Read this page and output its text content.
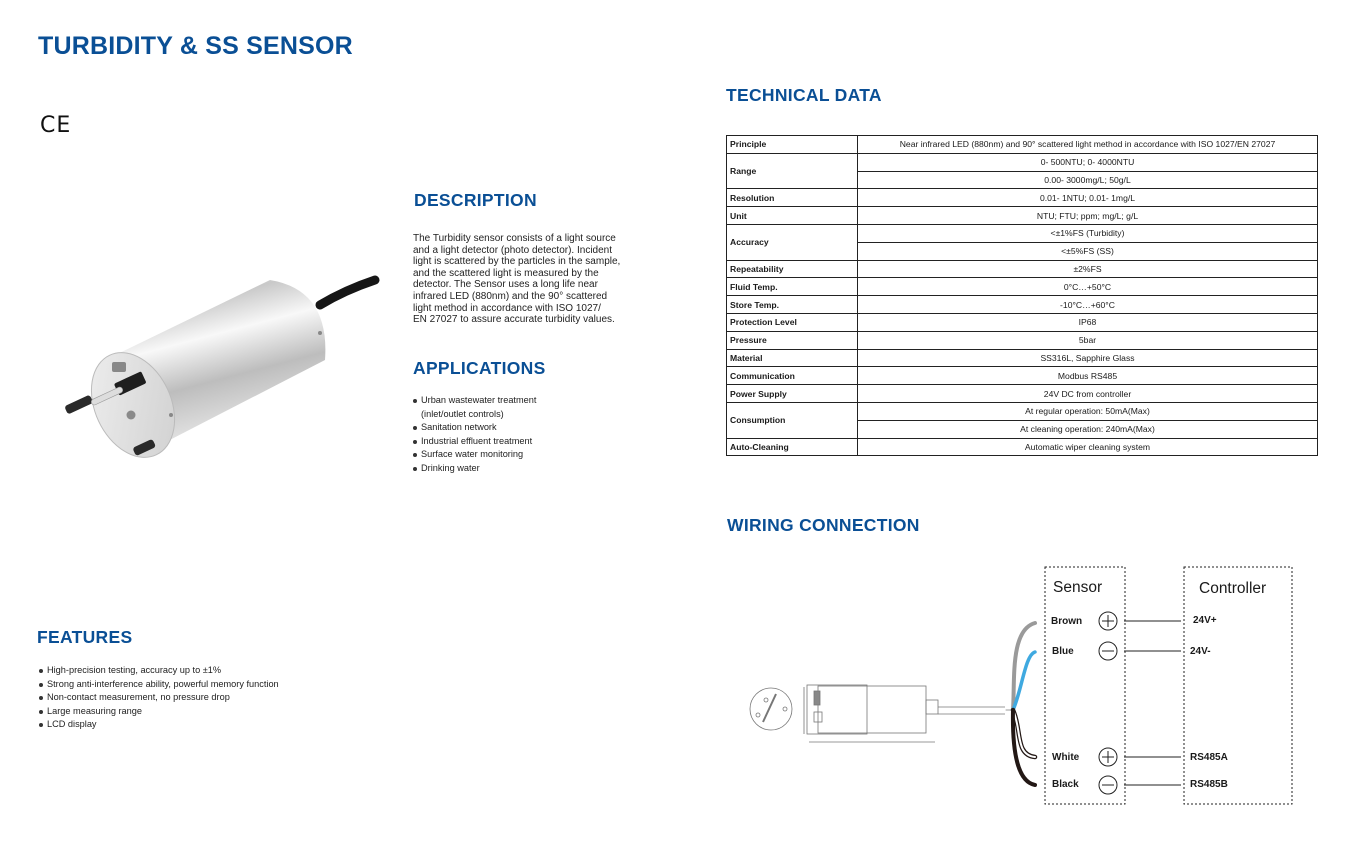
TURBIDITY & SS SENSOR
CE
DESCRIPTION
The Turbidity sensor consists of a light source
and a light detector (photo detector). Incident
light is scattered by the particles in the sample,
and the scattered light is measured by the
detector. The Sensor uses a long life near
infrared LED (880nm) and the 90° scattered
light method in accordance with ISO 1027/
EN 27027 to assure accurate turbidity values.
APPLICATIONS
Urban wastewater treatment
(inlet/outlet controls)
Sanitation network
Industrial effluent treatment
Surface water monitoring
Drinking water
FEATURES
High-precision testing, accuracy up to ±1%
Strong anti-interference ability, powerful memory function
Non-contact measurement, no pressure drop
Large measuring range
LCD display
TECHNICAL DATA
Principle	Near infrared LED (880nm) and 90° scattered light method in accordance with ISO 1027/EN 27027
Range	0- 500NTU; 0- 4000NTU
	0.00- 3000mg/L; 50g/L
Resolution	0.01- 1NTU; 0.01- 1mg/L
Unit	NTU; FTU; ppm; mg/L; g/L
Accuracy	<±1%FS (Turbidity)
	<±5%FS (SS)
Repeatability	±2%FS
Fluid Temp.	0°C…+50°C
Store Temp.	-10°C…+60°C
Protection Level	IP68
Pressure	5bar
Material	SS316L, Sapphire Glass
Communication	Modbus RS485
Power Supply	24V DC from controller
Consumption	At regular operation: 50mA(Max)
	At cleaning operation: 240mA(Max)
Auto-Cleaning	Automatic wiper cleaning system
WIRING CONNECTION
Sensor	Controller
Brown
Blue
White
Black
24V+
24V-
RS485A
RS485B
